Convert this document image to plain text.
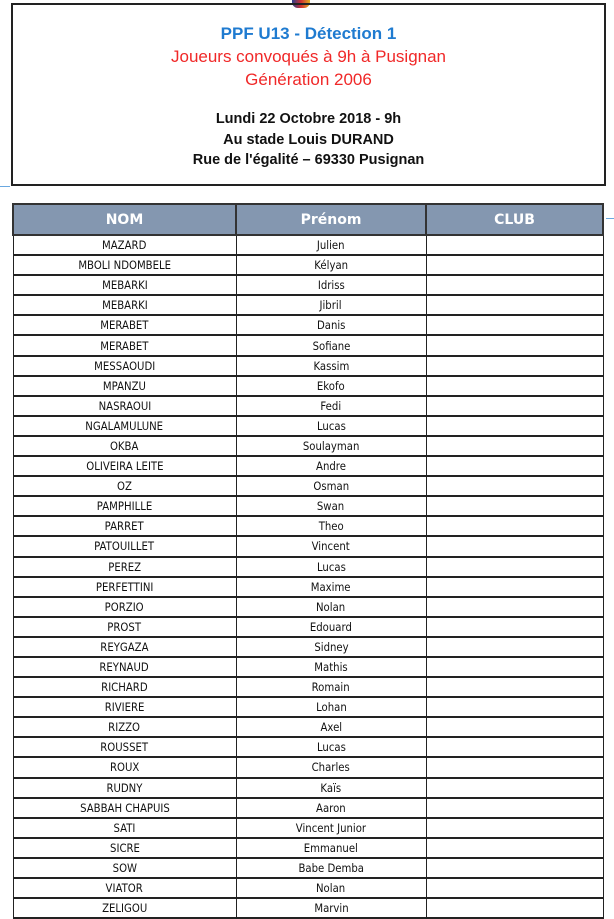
PPF U13 - Détection 1
Joueurs convoqués à 9h à Pusignan
Génération 2006
Lundi 22 Octobre 2018 - 9h
Au stade Louis DURAND
Rue de l'égalité – 69330 Pusignan
NOM	Prénom	CLUB
MAZARD	Julien	
MBOLI NDOMBELE	Kélyan	
MEBARKI	Idriss	
MEBARKI	Jibril	
MERABET	Danis	
MERABET	Sofiane	
MESSAOUDI	Kassim	
MPANZU	Ekofo	
NASRAOUI	Fedi	
NGALAMULUNE	Lucas	
OKBA	Soulayman	
OLIVEIRA LEITE	Andre	
OZ	Osman	
PAMPHILLE	Swan	
PARRET	Theo	
PATOUILLET	Vincent	
PEREZ	Lucas	
PERFETTINI	Maxime	
PORZIO	Nolan	
PROST	Edouard	
REYGAZA	Sidney	
REYNAUD	Mathis	
RICHARD	Romain	
RIVIERE	Lohan	
RIZZO	Axel	
ROUSSET	Lucas	
ROUX	Charles	
RUDNY	Kaïs	
SABBAH CHAPUIS	Aaron	
SATI	Vincent Junior	
SICRE	Emmanuel	
SOW	Babe Demba	
VIATOR	Nolan	
ZELIGOU	Marvin	
